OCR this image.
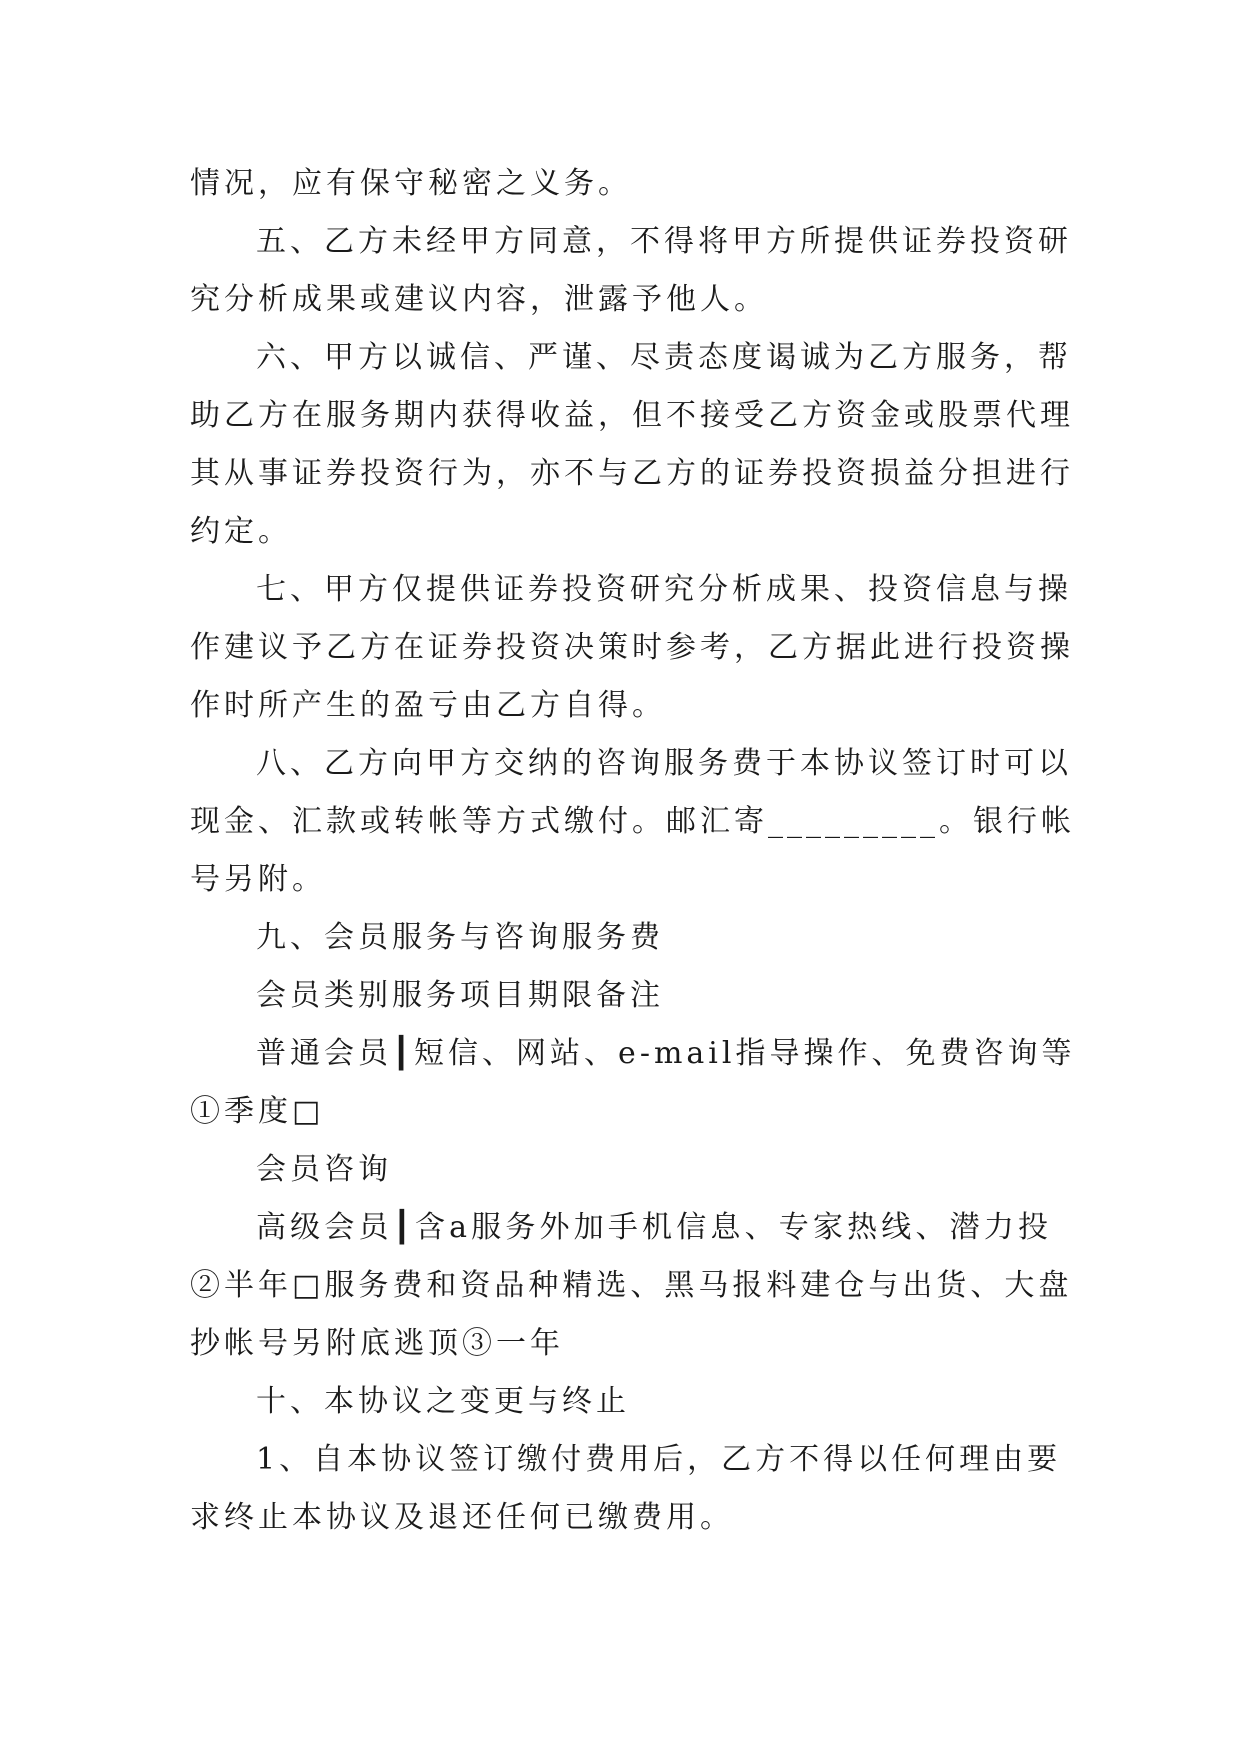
情况，应有保守秘密之义务。
五、乙方未经甲方同意，不得将甲方所提供证券投资研
究分析成果或建议内容，泄露予他人。
六、甲方以诚信、严谨、尽责态度谒诚为乙方服务，帮
助乙方在服务期内获得收益，但不接受乙方资金或股票代理
其从事证券投资行为，亦不与乙方的证券投资损益分担进行
约定。
七、甲方仅提供证券投资研究分析成果、投资信息与操
作建议予乙方在证券投资决策时参考，乙方据此进行投资操
作时所产生的盈亏由乙方自得。
八、乙方向甲方交纳的咨询服务费于本协议签订时可以
现金、汇款或转帐等方式缴付。邮汇寄_________。银行帐
号另附。
九、会员服务与咨询服务费
会员类别服务项目期限备注
普通会员┃短信、网站、e-mail指导操作、免费咨询等
①季度□
会员咨询
高级会员┃含a服务外加手机信息、专家热线、潜力投
②半年□服务费和资品种精选、黑马报料建仓与出货、大盘
抄帐号另附底逃顶③一年
十、本协议之变更与终止
1、自本协议签订缴付费用后，乙方不得以任何理由要
求终止本协议及退还任何已缴费用。
